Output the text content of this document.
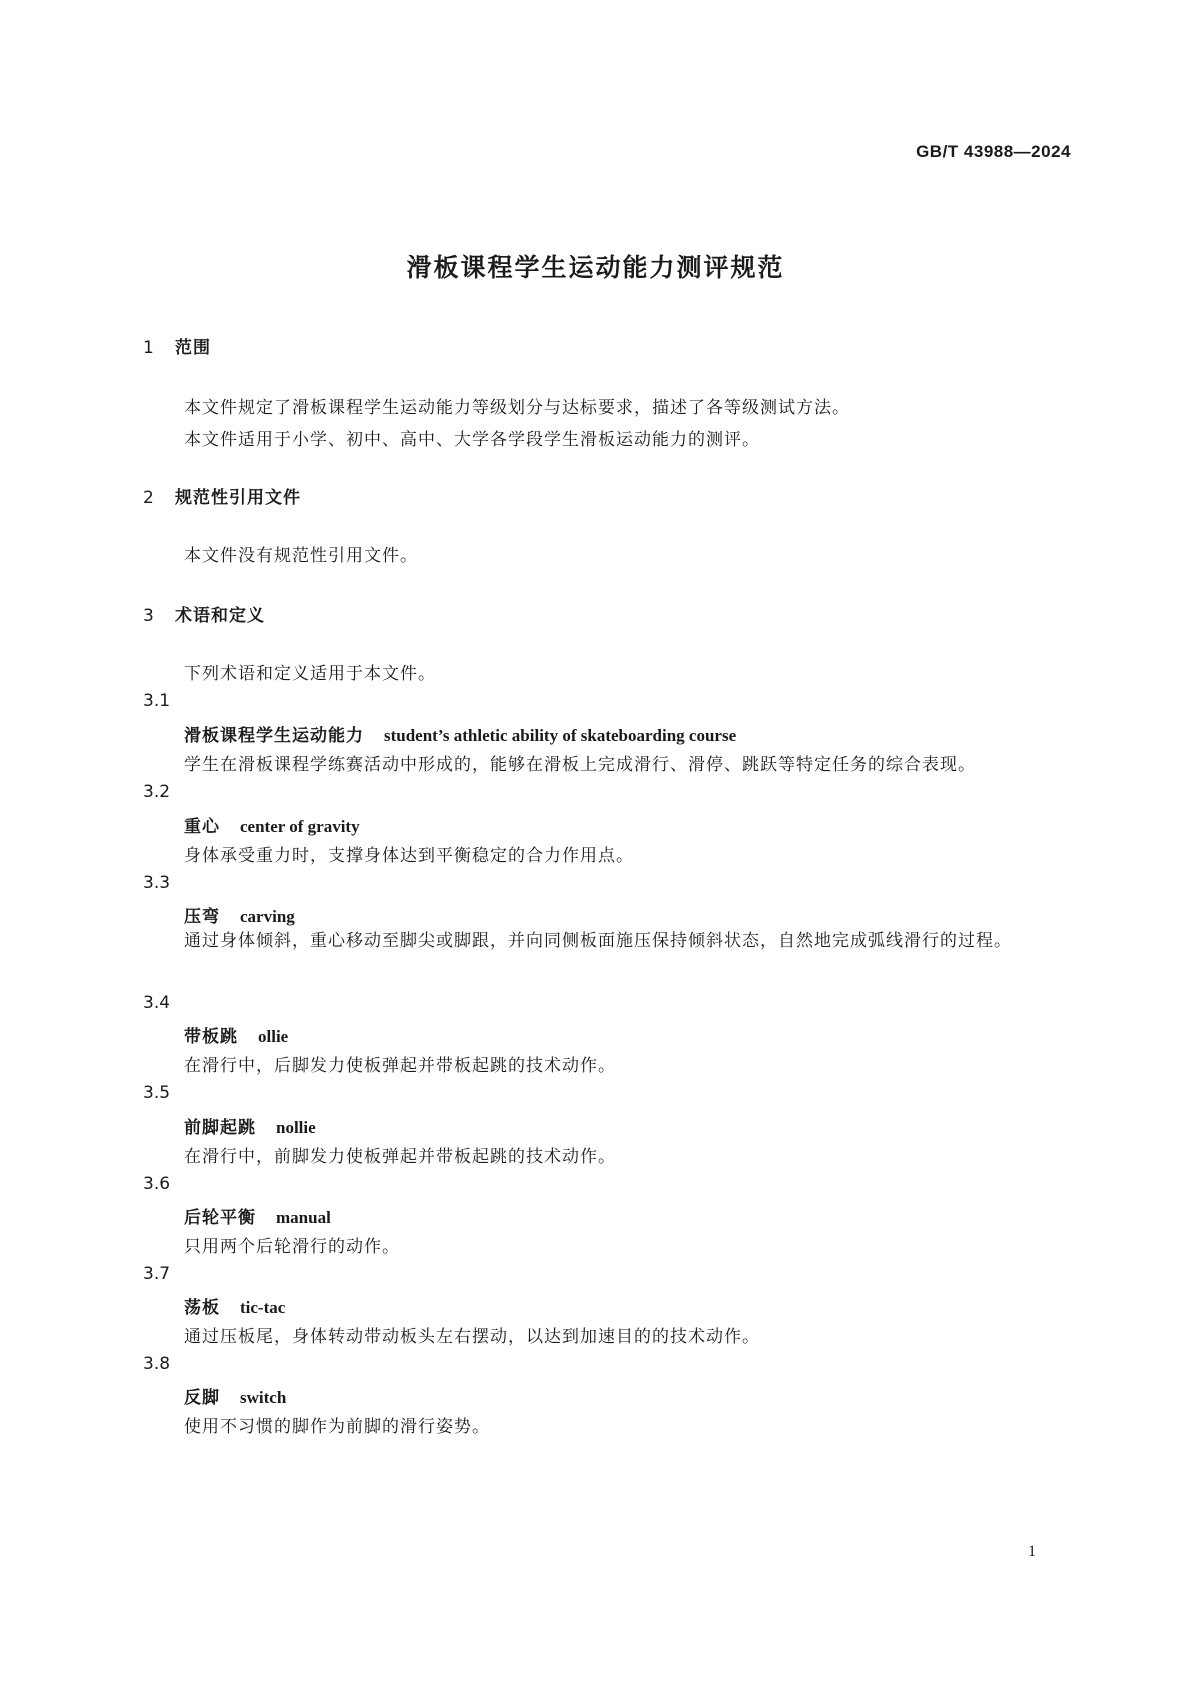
GB/T 43988—2024
滑板课程学生运动能力测评规范
1 范围
本文件规定了滑板课程学生运动能力等级划分与达标要求，描述了各等级测试方法。
本文件适用于小学、初中、高中、大学各学段学生滑板运动能力的测评。
2 规范性引用文件
本文件没有规范性引用文件。
3 术语和定义
下列术语和定义适用于本文件。
3.1
滑板课程学生运动能力 student’s athletic ability of skateboarding course
学生在滑板课程学练赛活动中形成的，能够在滑板上完成滑行、滑停、跳跃等特定任务的综合表现。
3.2
重心 center of gravity
身体承受重力时，支撑身体达到平衡稳定的合力作用点。
3.3
压弯 carving
通过身体倾斜，重心移动至脚尖或脚跟，并向同侧板面施压保持倾斜状态，自然地完成弧线滑行的过程。
3.4
带板跳 ollie
在滑行中，后脚发力使板弹起并带板起跳的技术动作。
3.5
前脚起跳 nollie
在滑行中，前脚发力使板弹起并带板起跳的技术动作。
3.6
后轮平衡 manual
只用两个后轮滑行的动作。
3.7
荡板 tic-tac
通过压板尾，身体转动带动板头左右摆动，以达到加速目的的技术动作。
3.8
反脚 switch
使用不习惯的脚作为前脚的滑行姿势。
1
